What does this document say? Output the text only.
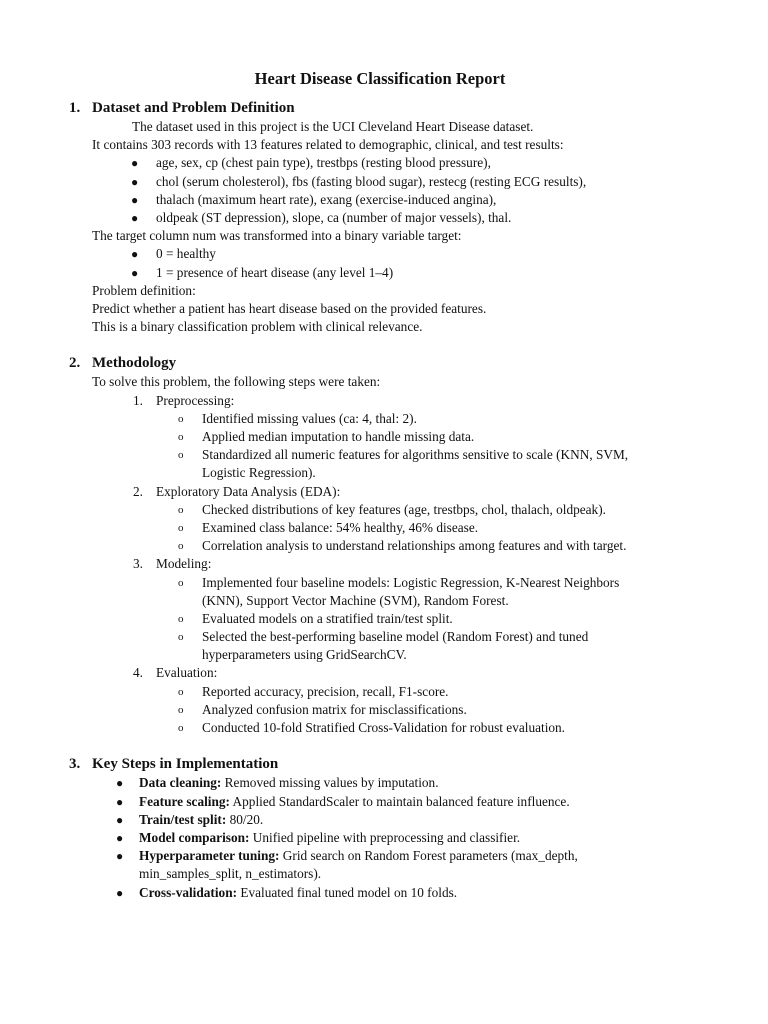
Heart Disease Classification Report
1. Dataset and Problem Definition
The dataset used in this project is the UCI Cleveland Heart Disease dataset.
It contains 303 records with 13 features related to demographic, clinical, and test results:
● age, sex, cp (chest pain type), trestbps (resting blood pressure),
● chol (serum cholesterol), fbs (fasting blood sugar), restecg (resting ECG results),
● thalach (maximum heart rate), exang (exercise-induced angina),
● oldpeak (ST depression), slope, ca (number of major vessels), thal.
The target column num was transformed into a binary variable target:
● 0 = healthy
● 1 = presence of heart disease (any level 1–4)
Problem definition:
Predict whether a patient has heart disease based on the provided features.
This is a binary classification problem with clinical relevance.
2. Methodology
To solve this problem, the following steps were taken:
1. Preprocessing:
o Identified missing values (ca: 4, thal: 2).
o Applied median imputation to handle missing data.
o Standardized all numeric features for algorithms sensitive to scale (KNN, SVM,
Logistic Regression).
2. Exploratory Data Analysis (EDA):
o Checked distributions of key features (age, trestbps, chol, thalach, oldpeak).
o Examined class balance: 54% healthy, 46% disease.
o Correlation analysis to understand relationships among features and with target.
3. Modeling:
o Implemented four baseline models: Logistic Regression, K-Nearest Neighbors
(KNN), Support Vector Machine (SVM), Random Forest.
o Evaluated models on a stratified train/test split.
o Selected the best-performing baseline model (Random Forest) and tuned
hyperparameters using GridSearchCV.
4. Evaluation:
o Reported accuracy, precision, recall, F1-score.
o Analyzed confusion matrix for misclassifications.
o Conducted 10-fold Stratified Cross-Validation for robust evaluation.
3. Key Steps in Implementation
● Data cleaning: Removed missing values by imputation.
● Feature scaling: Applied StandardScaler to maintain balanced feature influence.
● Train/test split: 80/20.
● Model comparison: Unified pipeline with preprocessing and classifier.
● Hyperparameter tuning: Grid search on Random Forest parameters (max_depth,
min_samples_split, n_estimators).
● Cross-validation: Evaluated final tuned model on 10 folds.
